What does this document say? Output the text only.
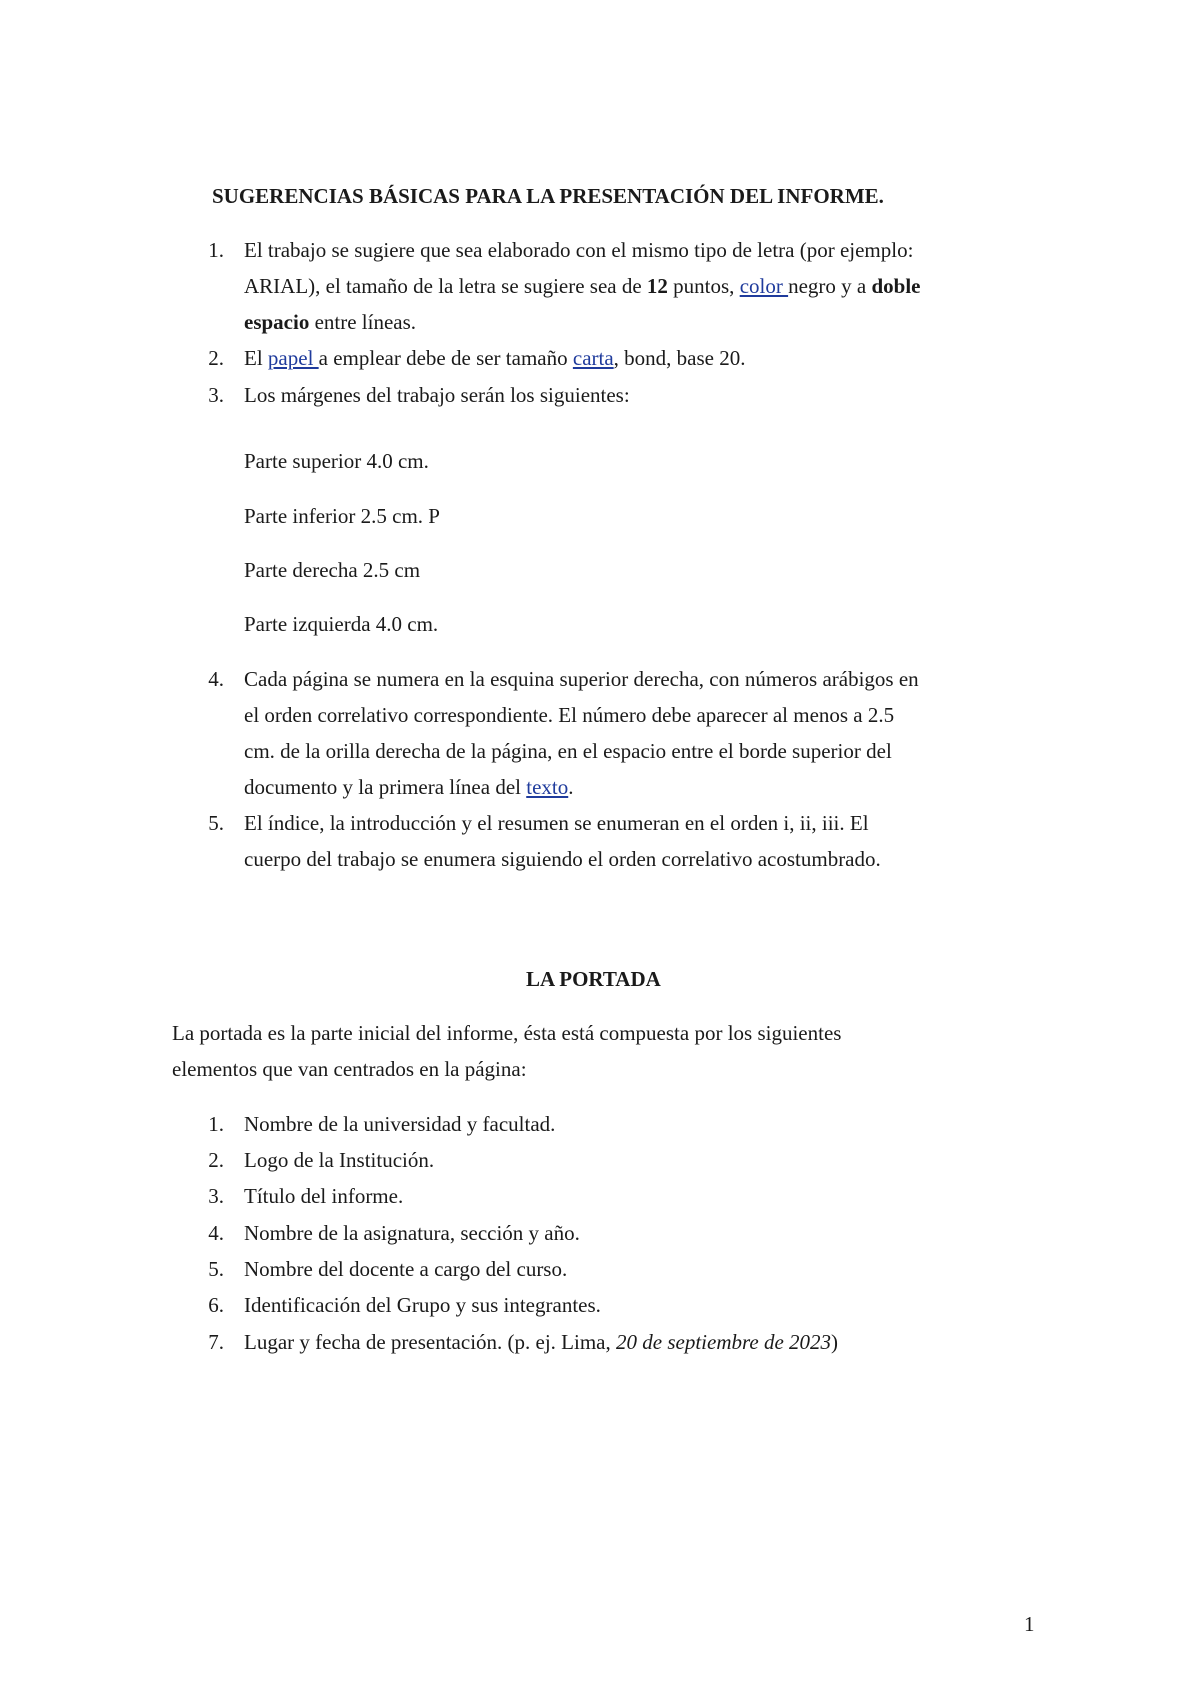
SUGERENCIAS BÁSICAS PARA LA PRESENTACIÓN DEL INFORME.
1. El trabajo se sugiere que sea elaborado con el mismo tipo de letra (por ejemplo:
ARIAL), el tamaño de la letra se sugiere sea de 12 puntos, color negro y a doble
espacio entre líneas.
2. El papel a emplear debe de ser tamaño carta, bond, base 20.
3. Los márgenes del trabajo serán los siguientes:
Parte superior 4.0 cm.
Parte inferior 2.5 cm. P
Parte derecha 2.5 cm
Parte izquierda 4.0 cm.
4. Cada página se numera en la esquina superior derecha, con números arábigos en
el orden correlativo correspondiente. El número debe aparecer al menos a 2.5
cm. de la orilla derecha de la página, en el espacio entre el borde superior del
documento y la primera línea del texto.
5. El índice, la introducción y el resumen se enumeran en el orden i, ii, iii. El
cuerpo del trabajo se enumera siguiendo el orden correlativo acostumbrado.
LA PORTADA
La portada es la parte inicial del informe, ésta está compuesta por los siguientes
elementos que van centrados en la página:
1. Nombre de la universidad y facultad.
2. Logo de la Institución.
3. Título del informe.
4. Nombre de la asignatura, sección y año.
5. Nombre del docente a cargo del curso.
6. Identificación del Grupo y sus integrantes.
7. Lugar y fecha de presentación. (p. ej. Lima, 20 de septiembre de 2023)
1
